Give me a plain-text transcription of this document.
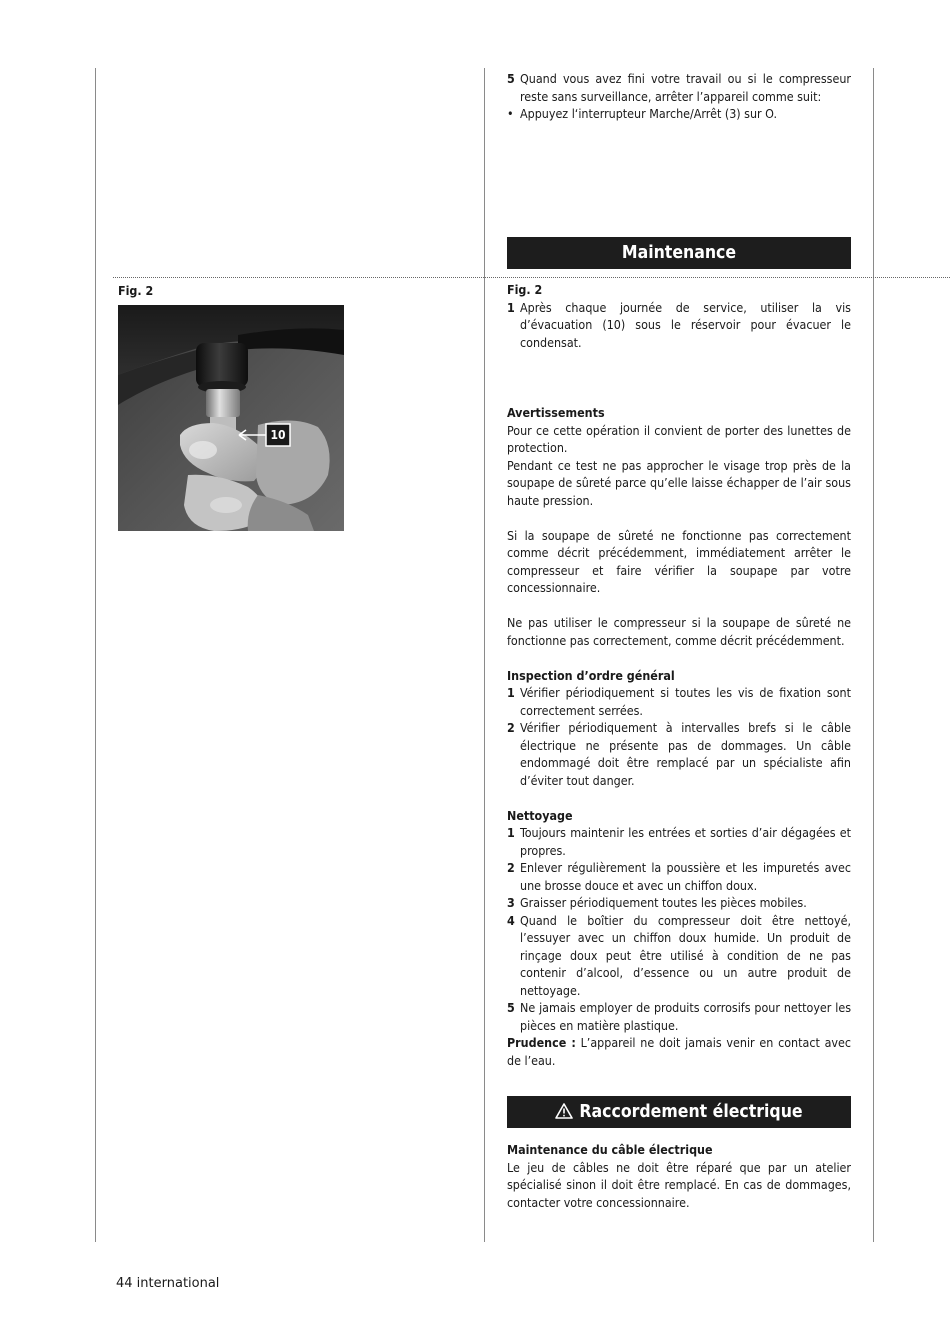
5 Quand vous avez fini votre travail ou si le compresseur reste sans surveillance, arrêter l’appareil comme suit:
• Appuyez l‘interrupteur Marche/Arrêt (3) sur O.
Maintenance
Fig. 2
10

Fig. 2

1 Après chaque journée de service, utiliser la vis d’évacuation (10) sous le réservoir pour évacuer le condensat.

Avertissements

Pour ce cette opération il convient de porter des lunettes de protection.

Pendant ce test ne pas approcher le visage trop près de la soupape de sûreté parce qu’elle laisse échapper de l’air sous haute pression.

Si la soupape de sûreté ne fonctionne pas correctement comme décrit précédemment, immédiatement arrêter le compresseur et faire vérifier la soupape par votre concessionnaire.

Ne pas utiliser le compresseur si la soupape de sûreté ne fonctionne pas correctement, comme décrit précédemment.

Inspection d’ordre général

1 Vérifier périodiquement si toutes les vis de fixation sont correctement serrées.
2 Vérifier périodiquement à intervalles brefs si le câble électrique ne présente pas de dommages. Un câble endommagé doit être remplacé par un spécialiste afin d’éviter tout danger.

Nettoyage

1 Toujours maintenir les entrées et sorties d’air dégagées et propres.
2 Enlever régulièrement la poussière et les impuretés avec une brosse douce et avec un chiffon doux.
3 Graisser périodiquement toutes les pièces mobiles.
4 Quand le boîtier du compresseur doit être nettoyé, l’essuyer avec un chiffon doux humide. Un produit de rinçage doux peut être utilisé à condition de ne pas contenir d’alcool, d’essence ou un autre produit de nettoyage.
5 Ne jamais employer de produits corrosifs pour nettoyer les pièces en matière plastique.

Prudence : L’appareil ne doit jamais venir en contact avec de l’eau.

Raccordement électrique

Maintenance du câble électrique

Le jeu de câbles ne doit être réparé que par un atelier spécialisé sinon il doit être remplacé. En cas de dommages, contacter votre concessionnaire.

44 international
